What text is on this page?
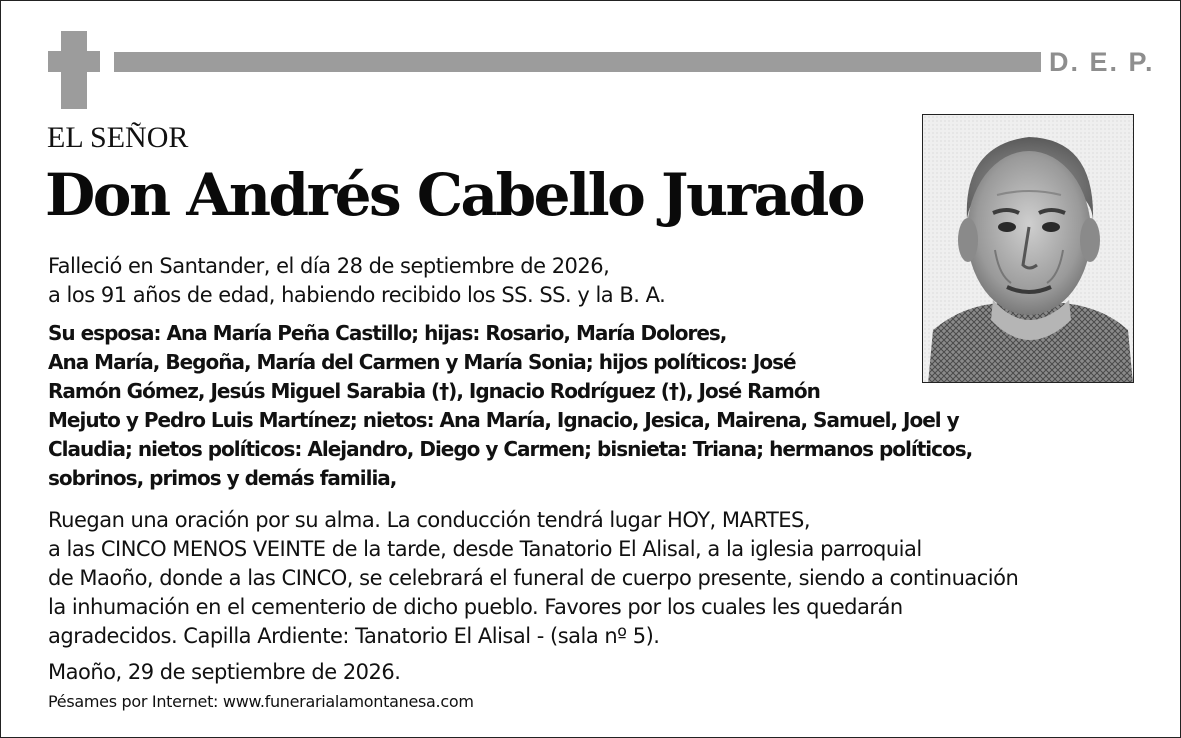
D. E. P.
EL SEÑOR
Don Andrés Cabello Jurado

Falleció en Santander, el día 28 de septiembre de 2026,
a los 91 años de edad, habiendo recibido los SS. SS. y la B. A.

Su esposa: Ana María Peña Castillo; hijas: Rosario, María Dolores,
Ana María, Begoña, María del Carmen y María Sonia; hijos políticos: José
Ramón Gómez, Jesús Miguel Sarabia (†), Ignacio Rodríguez (†), José Ramón
Mejuto y Pedro Luis Martínez; nietos: Ana María, Ignacio, Jesica, Mairena, Samuel, Joel y
Claudia; nietos políticos: Alejandro, Diego y Carmen; bisnieta: Triana; hermanos políticos,
sobrinos, primos y demás familia,

Ruegan una oración por su alma. La conducción tendrá lugar HOY, MARTES,
a las CINCO MENOS VEINTE de la tarde, desde Tanatorio El Alisal, a la iglesia parroquial
de Maoño, donde a las CINCO, se celebrará el funeral de cuerpo presente, siendo a continuación
la inhumación en el cementerio de dicho pueblo. Favores por los cuales les quedarán
agradecidos. Capilla Ardiente: Tanatorio El Alisal - (sala nº 5).

Maoño, 29 de septiembre de 2026.

Pésames por Internet: www.funerarialamontanesa.com
